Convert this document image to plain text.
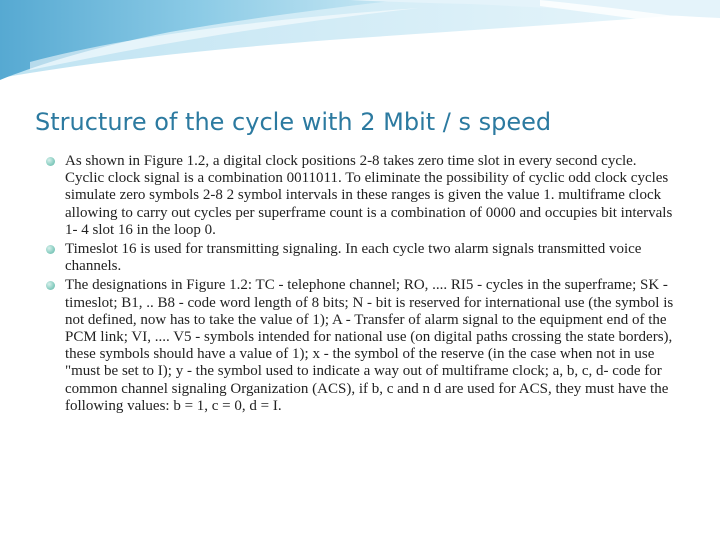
Structure of the cycle with 2 Mbit / s speed
As shown in Figure 1.2, a digital clock positions 2-8 takes zero time slot in every second cycle. Cyclic clock signal is a combination 0011011. To eliminate the possibility of cyclic odd clock cycles simulate zero symbols 2-8 2 symbol intervals in these ranges is given the value 1. multiframe clock allowing to carry out cycles per superframe count is a combination of 0000 and occupies bit intervals 1- 4 slot 16 in the loop 0.
Timeslot 16 is used for transmitting signaling. In each cycle two alarm signals transmitted voice channels.
The designations in Figure 1.2: TC - telephone channel; RO, .... RI5 - cycles in the superframe; SK - timeslot; B1, .. B8 - code word length of 8 bits; N - bit is reserved for international use (the symbol is not defined, now has to take the value of 1); A - Transfer of alarm signal to the equipment end of the PCM link; VI, .... V5 - symbols intended for national use (on digital paths crossing the state borders), these symbols should have a value of 1); x - the symbol of the reserve (in the case when not in use "must be set to I); y - the symbol used to indicate a way out of multiframe clock; a, b, c, d- code for common channel signaling Organization (ACS), if b, c and n d are used for ACS, they must have the following values: b = 1, c = 0, d = I.
